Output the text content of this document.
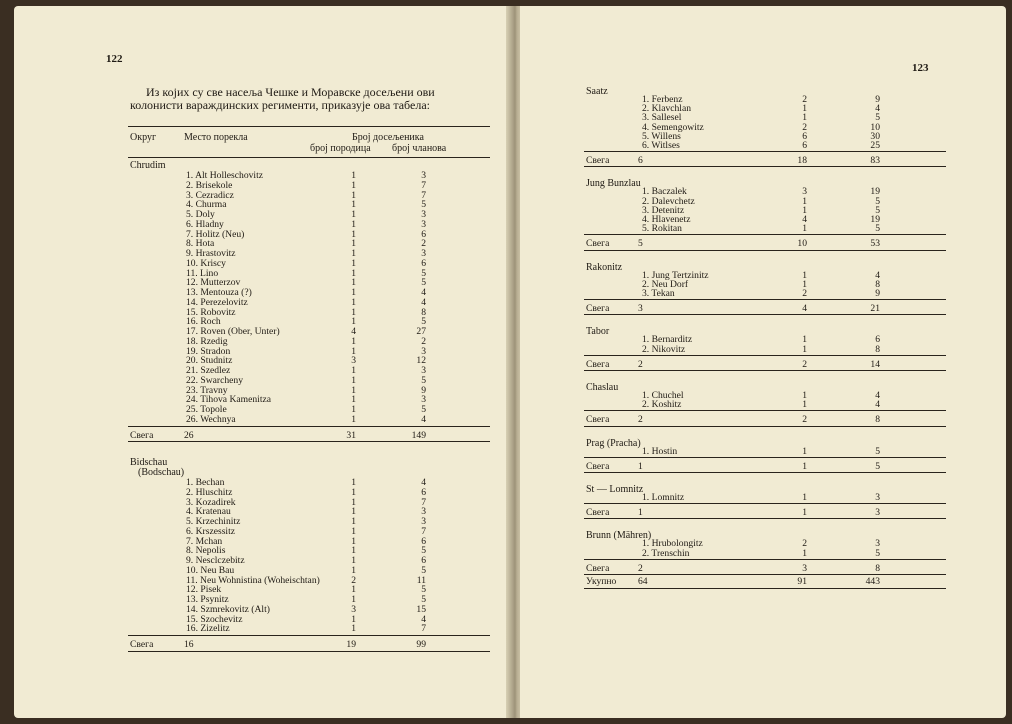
122
Из којих су све насеља Чешке и Моравске досељени ови колонисти вараждинских регименти, приказује ова табела:
Округ	Место порекла	Број досељеника
број породица број чланова
Chrudim
1. Alt Holleschovitz	1	3
2. Brisekole	1	7
3. Cezradicz	1	7
4. Churma	1	5
5. Doly	1	3
6. Hladny	1	3
7. Holitz (Neu)	1	6
8. Hota	1	2
9. Hrastovitz	1	3
10. Kriscy	1	6
11. Lino	1	5
12. Mutterzov	1	5
13. Mentouza (?)	1	4
14. Perezelovitz	1	4
15. Robovitz	1	8
16. Roch	1	5
17. Roven (Ober, Unter)	4	27
18. Rzedig	1	2
19. Stradon	1	3
20. Studnitz	3	12
21. Szedlez	1	3
22. Swarcheny	1	5
23. Travny	1	9
24. Tihova Kamenitza	1	3
25. Topole	1	5
26. Wechnya	1	4
Свега	26	31	149
Bidschau
(Bodschau)
1. Bechan	1	4
2. Hluschitz	1	6
3. Kozadirek	1	7
4. Kratenau	1	3
5. Krzechinitz	1	3
6. Krszessitz	1	7
7. Mchan	1	6
8. Nepolis	1	5
9. Nesclczebitz	1	6
10. Neu Bau	1	5
11. Neu Wohnistina (Woheischtan)	2	11
12. Pisek	1	5
13. Psynitz	1	5
14. Szmrekovitz (Alt)	3	15
15. Szochevitz	1	4
16. Zizelitz	1	7
Свега	16	19	99
123
Saatz
1. Ferbenz	2	9
2. Klavchlan	1	4
3. Sallesel	1	5
4. Semengowitz	2	10
5. Willens	6	30
6. Witlses	6	25
Свега	6	18	83
Jung Bunzlau
1. Baczalek	3	19
2. Dalevchetz	1	5
3. Detenitz	1	5
4. Hlavenetz	4	19
5. Rokitan	1	5
Свега	5	10	53
Rakonitz
1. Jung Tertzinitz	1	4
2. Neu Dorf	1	8
3. Tekan	2	9
Свега	3	4	21
Tabor
1. Bernarditz	1	6
2. Nikovitz	1	8
Свега	2	2	14
Chaslau
1. Chuchel	1	4
2. Koshitz	1	4
Свега	2	2	8
Prag (Pracha)
1. Hostin	1	5
Свега	1	1	5
St — Lomnitz
1. Lomnitz	1	3
Свега	1	1	3
Brunn (Mähren)
1. Hrubolongitz	2	3
2. Trenschin	1	5
Свега	2	3	8
Укупно 64	91	443
